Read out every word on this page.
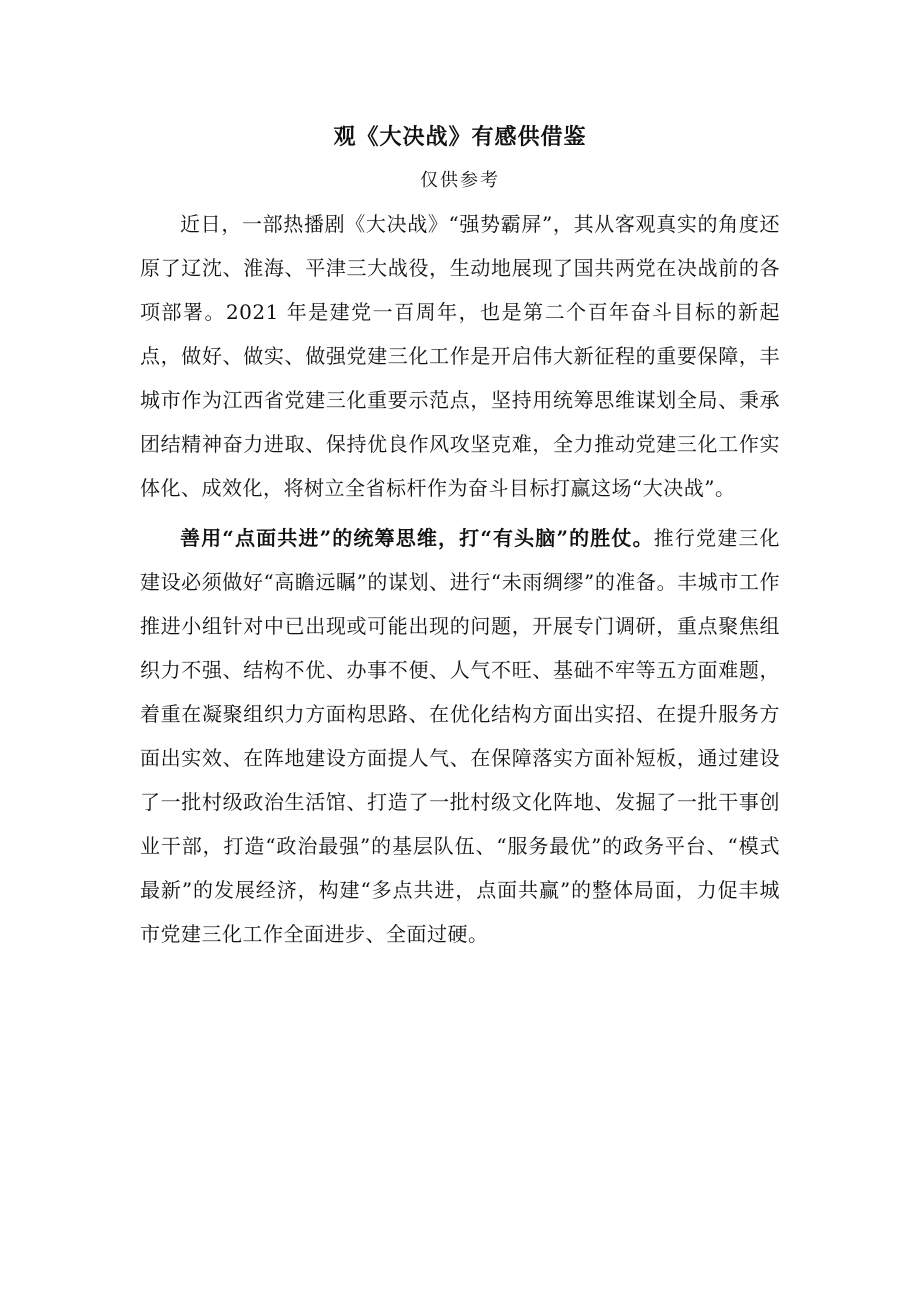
观《大决战》有感供借鉴
仅供参考

近日，一部热播剧《大决战》“强势霸屏”，其从客观真实的角度还原了辽沈、淮海、平津三大战役，生动地展现了国共两党在决战前的各项部署。2021 年是建党一百周年，也是第二个百年奋斗目标的新起点，做好、做实、做强党建三化工作是开启伟大新征程的重要保障，丰城市作为江西省党建三化重要示范点，坚持用统筹思维谋划全局、秉承团结精神奋力进取、保持优良作风攻坚克难，全力推动党建三化工作实体化、成效化，将树立全省标杆作为奋斗目标打赢这场“大决战”。

善用“点面共进”的统筹思维，打“有头脑”的胜仗。推行党建三化建设必须做好“高瞻远瞩”的谋划、进行“未雨绸缪”的准备。丰城市工作推进小组针对中已出现或可能出现的问题，开展专门调研，重点聚焦组织力不强、结构不优、办事不便、人气不旺、基础不牢等五方面难题，着重在凝聚组织力方面构思路、在优化结构方面出实招、在提升服务方面出实效、在阵地建设方面提人气、在保障落实方面补短板，通过建设了一批村级政治生活馆、打造了一批村级文化阵地、发掘了一批干事创业干部，打造“政治最强”的基层队伍、“服务最优”的政务平台、“模式最新”的发展经济，构建“多点共进，点面共赢”的整体局面，力促丰城市党建三化工作全面进步、全面过硬。
